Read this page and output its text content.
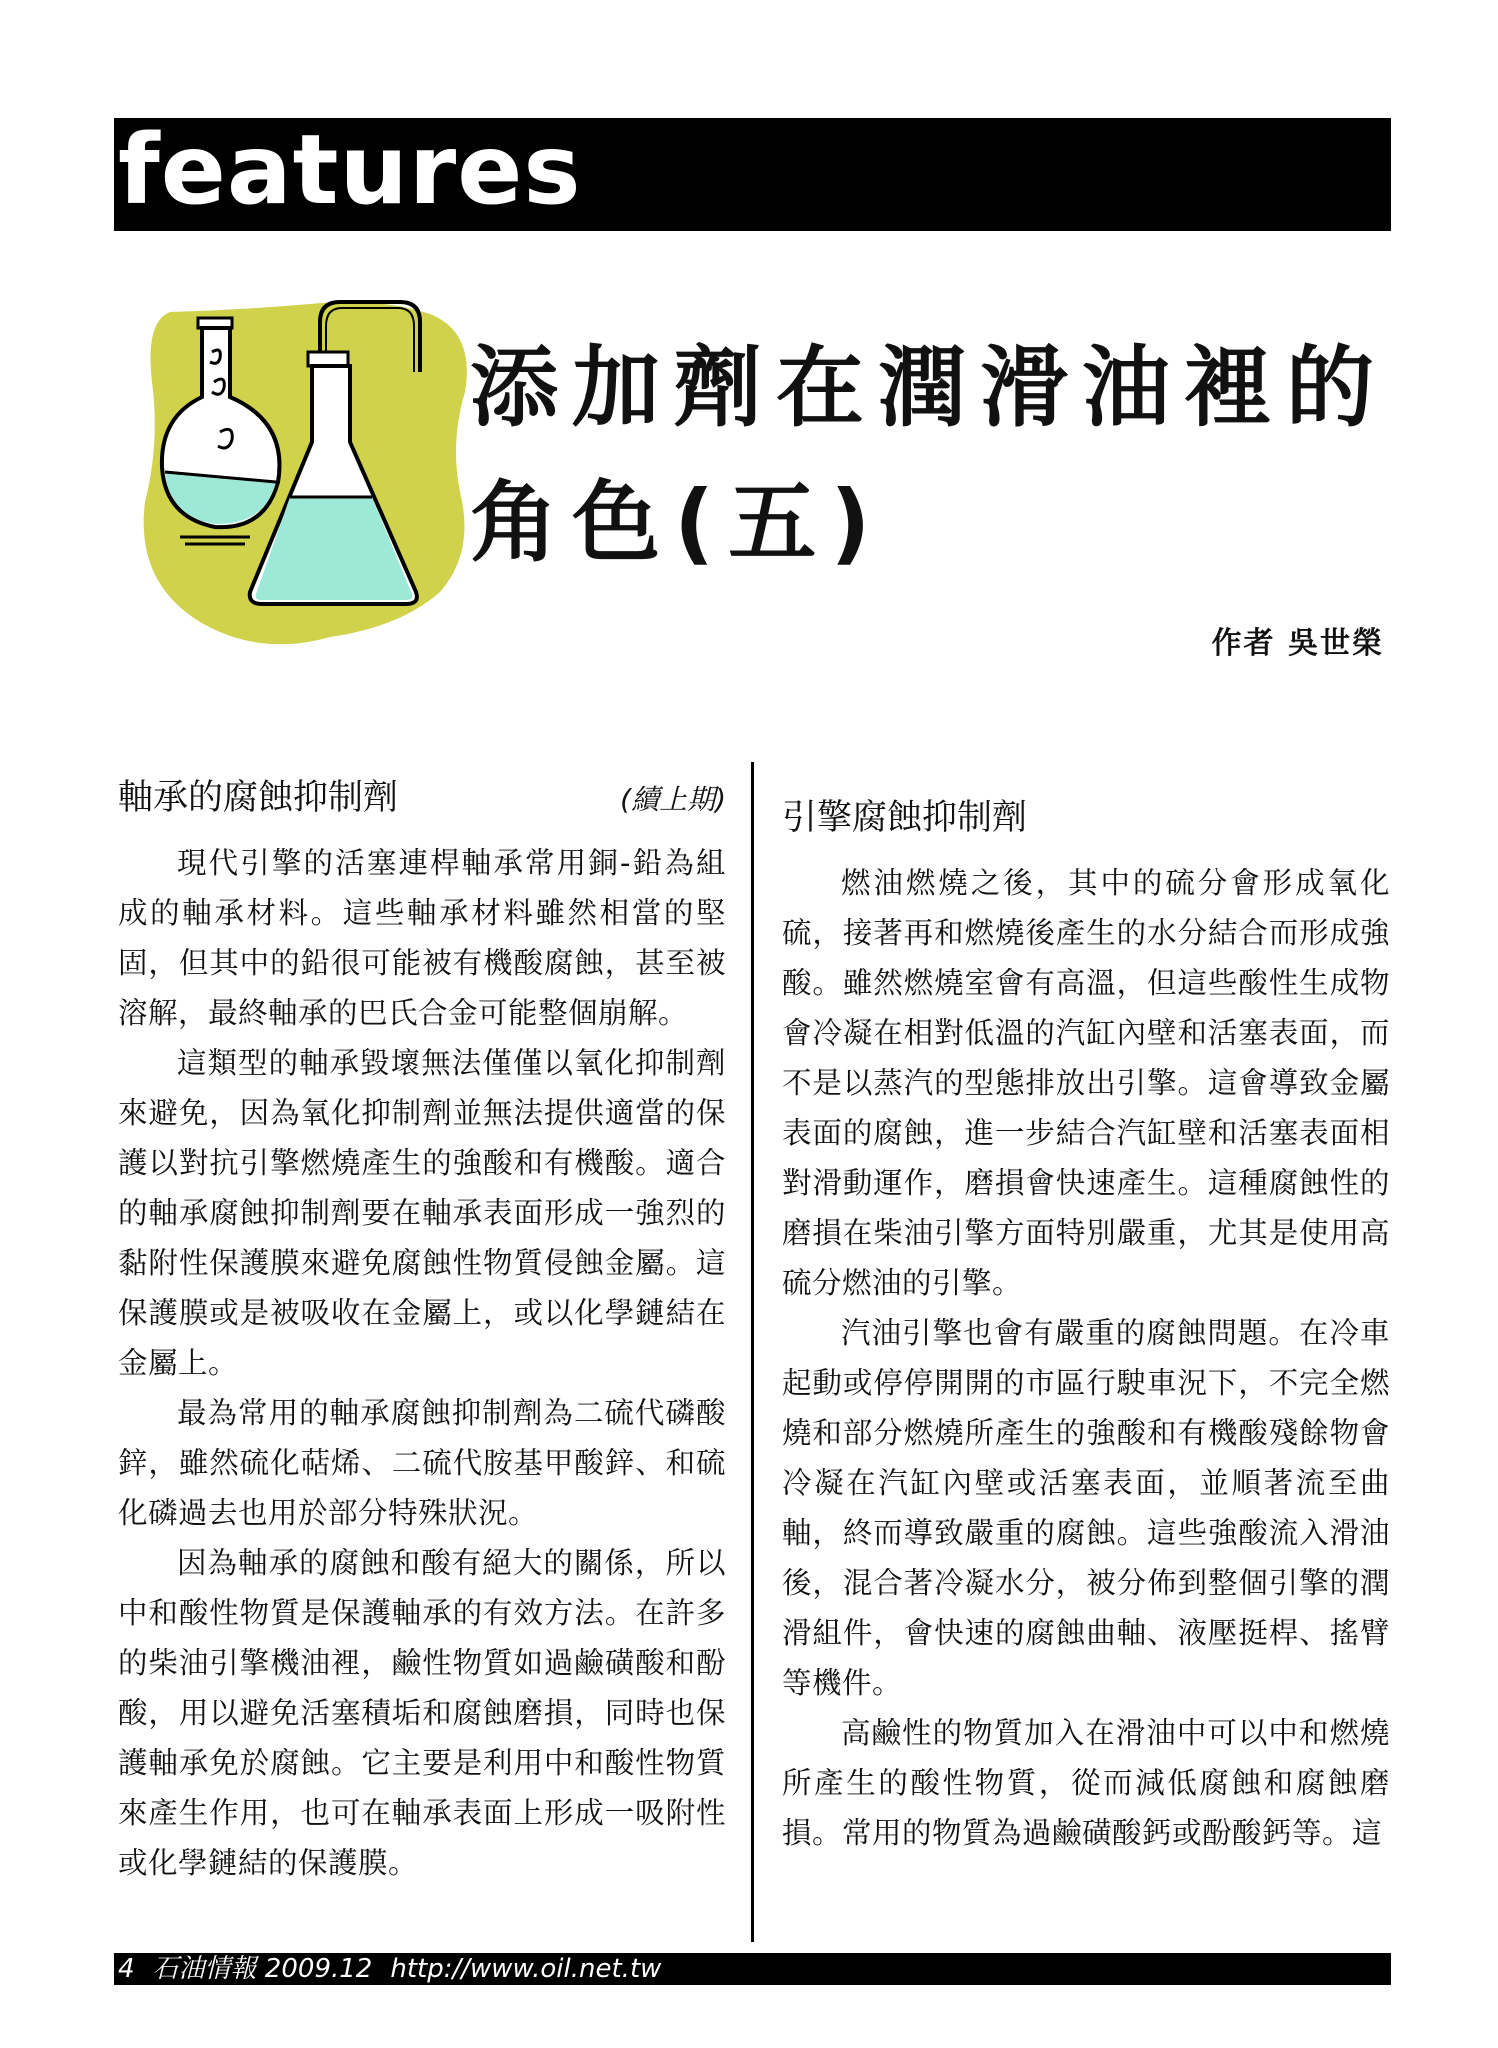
features
添加劑在潤滑油裡的
角色(五)
作者 吳世榮
軸承的腐蝕抑制劑	(續上期)

現代引擎的活塞連桿軸承常用銅-鉛為組成的軸承材料。這些軸承材料雖然相當的堅固，但其中的鉛很可能被有機酸腐蝕，甚至被溶解，最終軸承的巴氏合金可能整個崩解。

這類型的軸承毀壞無法僅僅以氧化抑制劑來避免，因為氧化抑制劑並無法提供適當的保護以對抗引擎燃燒產生的強酸和有機酸。適合的軸承腐蝕抑制劑要在軸承表面形成一強烈的黏附性保護膜來避免腐蝕性物質侵蝕金屬。這保護膜或是被吸收在金屬上，或以化學鏈結在金屬上。

最為常用的軸承腐蝕抑制劑為二硫代磷酸鋅，雖然硫化萜烯、二硫代胺基甲酸鋅、和硫化磷過去也用於部分特殊狀況。

因為軸承的腐蝕和酸有絕大的關係，所以中和酸性物質是保護軸承的有效方法。在許多的柴油引擎機油裡，鹼性物質如過鹼磺酸和酚酸，用以避免活塞積垢和腐蝕磨損，同時也保護軸承免於腐蝕。它主要是利用中和酸性物質來產生作用，也可在軸承表面上形成一吸附性或化學鏈結的保護膜。

引擎腐蝕抑制劑

燃油燃燒之後，其中的硫分會形成氧化硫，接著再和燃燒後產生的水分結合而形成強酸。雖然燃燒室會有高溫，但這些酸性生成物會冷凝在相對低溫的汽缸內壁和活塞表面，而不是以蒸汽的型態排放出引擎。這會導致金屬表面的腐蝕，進一步結合汽缸壁和活塞表面相對滑動運作，磨損會快速產生。這種腐蝕性的磨損在柴油引擎方面特別嚴重，尤其是使用高硫分燃油的引擎。

汽油引擎也會有嚴重的腐蝕問題。在冷車起動或停停開開的市區行駛車況下，不完全燃燒和部分燃燒所產生的強酸和有機酸殘餘物會冷凝在汽缸內壁或活塞表面，並順著流至曲軸，終而導致嚴重的腐蝕。這些強酸流入滑油後，混合著冷凝水分，被分佈到整個引擎的潤滑組件，會快速的腐蝕曲軸、液壓挺桿、搖臂等機件。

高鹼性的物質加入在滑油中可以中和燃燒所產生的酸性物質，從而減低腐蝕和腐蝕磨損。常用的物質為過鹼磺酸鈣或酚酸鈣等。這

4 石油情報 2009.12 http://www.oil.net.tw
